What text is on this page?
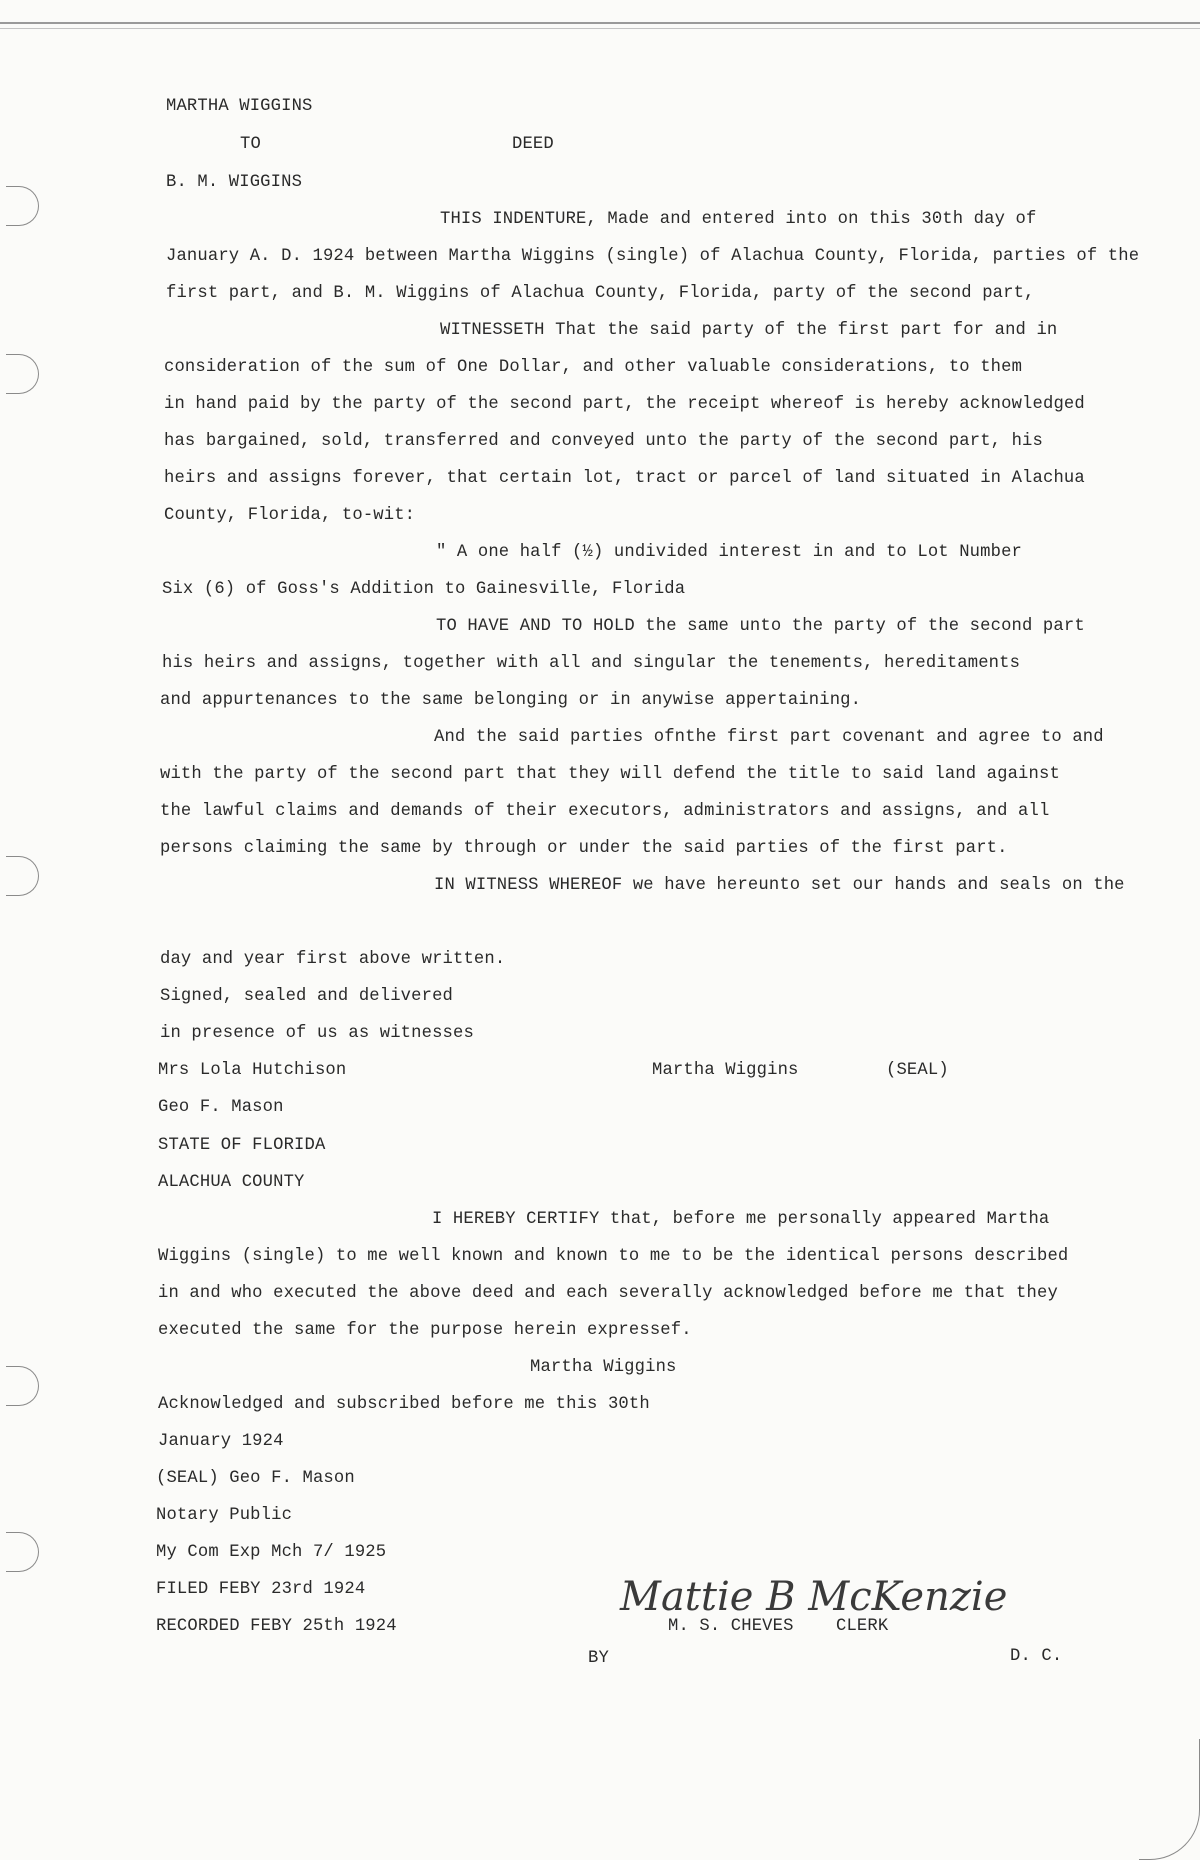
MARTHA WIGGINS
TO	DEED
B. M. WIGGINS
THIS INDENTURE, Made and entered into on this 30th day of
January A. D. 1924 between Martha Wiggins (single) of Alachua County, Florida, parties of the
first part, and B. M. Wiggins of Alachua County, Florida, party of the second part,
WITNESSETH That the said party of the first part for and in
consideration of the sum of One Dollar, and other valuable considerations, to them
in hand paid by the party of the second part, the receipt whereof is hereby acknowledged
has bargained, sold, transferred and conveyed unto the party of the second part, his
heirs and assigns forever, that certain lot, tract or parcel of land situated in Alachua
County, Florida, to-wit:
" A one half (½) undivided interest in and to Lot Number
Six (6) of Goss's Addition to Gainesville, Florida
TO HAVE AND TO HOLD the same unto the party of the second part
his heirs and assigns, together with all and singular the tenements, hereditaments
and appurtenances to the same belonging or in anywise appertaining.
And the said parties ofnthe first part covenant and agree to and
with the party of the second part that they will defend the title to said land against
the lawful claims and demands of their executors, administrators and assigns, and all
persons claiming the same by through or under the said parties of the first part.
IN WITNESS WHEREOF we have hereunto set our hands and seals on the
day and year first above written.
Signed, sealed and delivered
in presence of us as witnesses
Mrs Lola Hutchison	Martha Wiggins	(SEAL)
Geo F. Mason
STATE OF FLORIDA
ALACHUA COUNTY
I HEREBY CERTIFY that, before me personally appeared Martha
Wiggins (single) to me well known and known to me to be the identical persons described
in and who executed the above deed and each severally acknowledged before me that they
executed the same for the purpose herein expressef.
Martha Wiggins
Acknowledged and subscribed before me this 30th
January 1924
(SEAL) Geo F. Mason
Notary Public
My Com Exp Mch 7/ 1925
FILED FEBY 23rd 1924
RECORDED FEBY 25th 1924	M. S. CHEVES CLERK
BY	D. C.
Mattie B McKenzie
